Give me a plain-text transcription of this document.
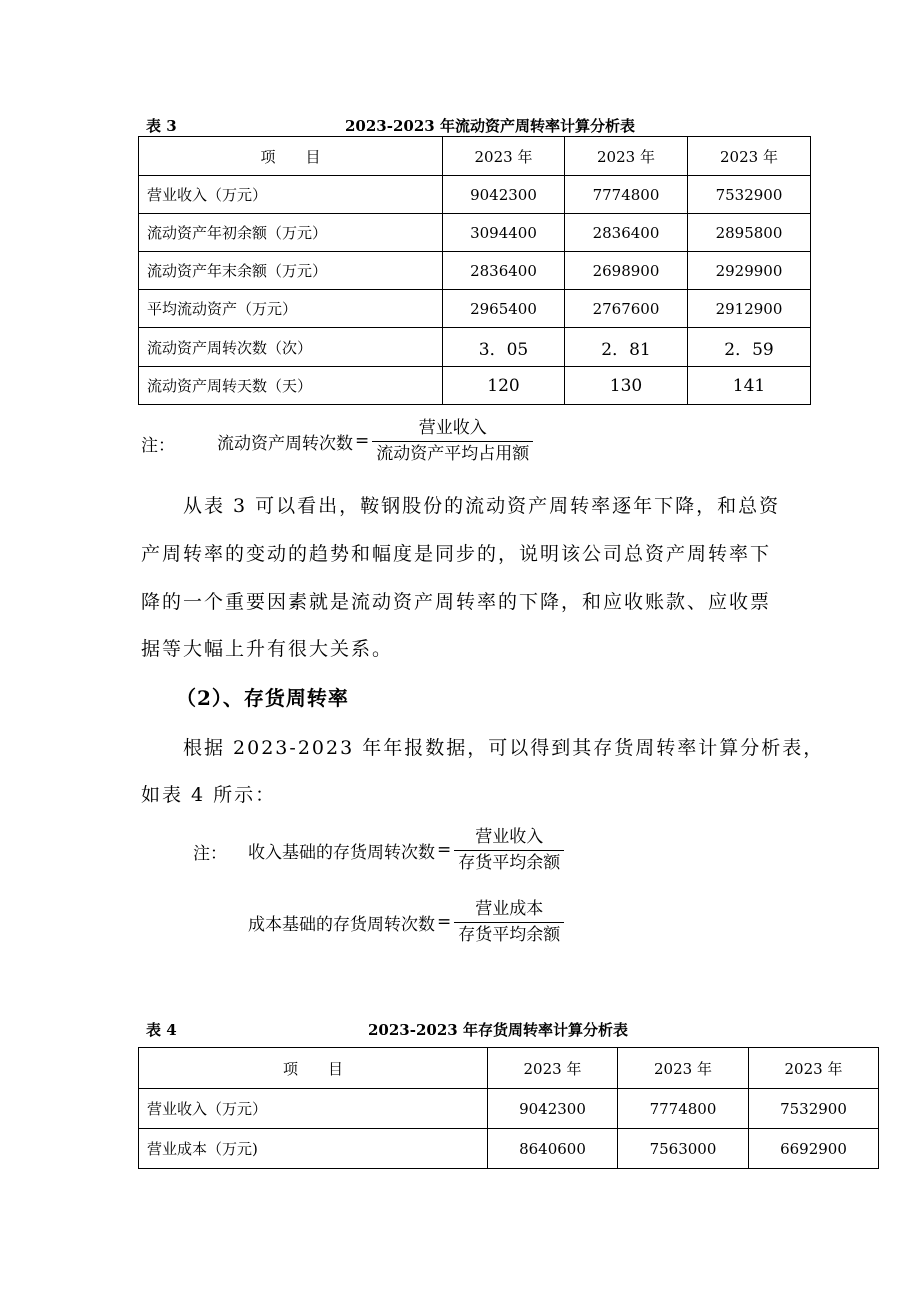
表 3	2023-2023 年流动资产周转率计算分析表
项　　目	2023 年	2023 年	2023 年
营业收入（万元）	9042300	7774800	7532900
流动资产年初余额（万元）	3094400	2836400	2895800
流动资产年末余额（万元）	2836400	2698900	2929900
平均流动资产（万元）	2965400	2767600	2912900
流动资产周转次数（次）	3．05	2．81	2．59
流动资产周转天数（天）	120	130	141
注： 流动资产周转次数 = $\frac{\text{营业收入}}{\text{流动资产平均占用额}}$
从表 3 可以看出，鞍钢股份的流动资产周转率逐年下降，和总资
产周转率的变动的趋势和幅度是同步的，说明该公司总资产周转率下
降的一个重要因素就是流动资产周转率的下降，和应收账款、应收票
据等大幅上升有很大关系。
（2）、存货周转率
根据 2023-2023 年年报数据，可以得到其存货周转率计算分析表，
如表 4 所示：
注： 收入基础的存货周转次数 = $\frac{\text{营业收入}}{\text{存货平均余额}}$
成本基础的存货周转次数 = $\frac{\text{营业成本}}{\text{存货平均余额}}$
表 4	2023-2023 年存货周转率计算分析表
项　　目	2023 年	2023 年	2023 年
营业收入（万元）	9042300	7774800	7532900
营业成本（万元)	8640600	7563000	6692900
